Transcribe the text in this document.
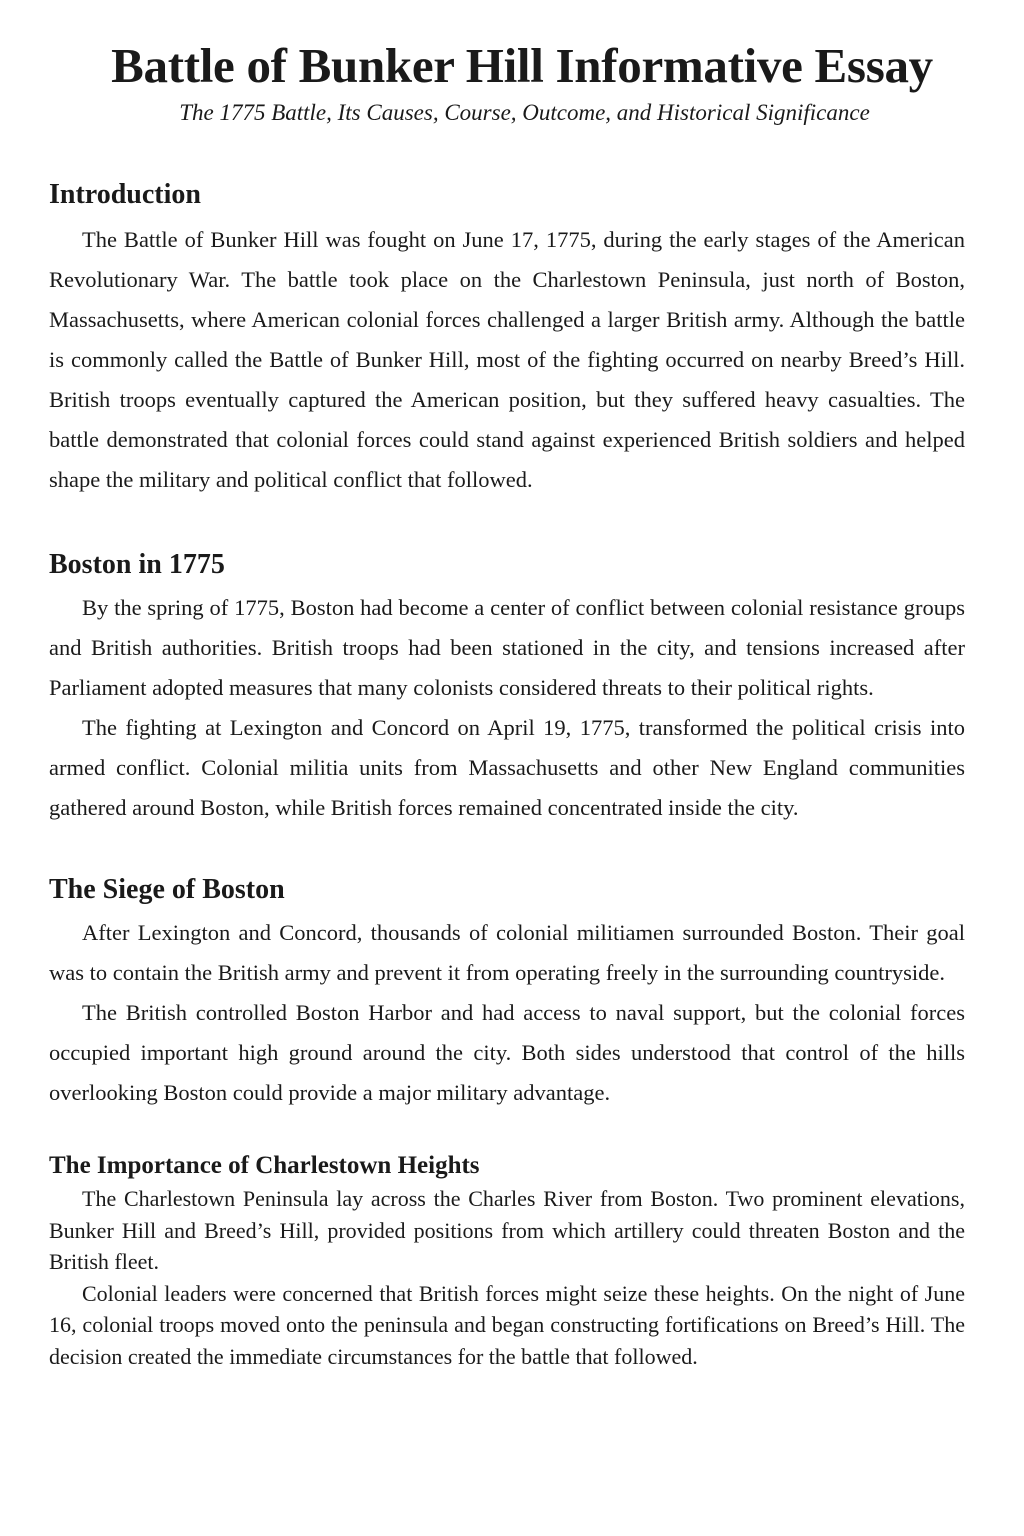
Battle of Bunker Hill Informative Essay
The 1775 Battle, Its Causes, Course, Outcome, and Historical Significance
Introduction

The Battle of Bunker Hill was fought on June 17, 1775, during the early stages of the American Revolutionary War. The battle took place on the Charlestown Peninsula, just north of Boston, Massachusetts, where American colonial forces challenged a larger British army. Although the battle is commonly called the Battle of Bunker Hill, most of the fighting occurred on nearby Breed’s Hill. British troops eventually captured the American position, but they suffered heavy casualties. The battle demonstrated that colonial forces could stand against experienced British soldiers and helped shape the military and political conflict that followed.

Boston in 1775

By the spring of 1775, Boston had become a center of conflict between colonial resistance groups and British authorities. British troops had been stationed in the city, and tensions increased after Parliament adopted measures that many colonists considered threats to their political rights.

The fighting at Lexington and Concord on April 19, 1775, transformed the political crisis into armed conflict. Colonial militia units from Massachusetts and other New England communities gathered around Boston, while British forces remained concentrated inside the city.

The Siege of Boston

After Lexington and Concord, thousands of colonial militiamen surrounded Boston. Their goal was to contain the British army and prevent it from operating freely in the surrounding countryside.

The British controlled Boston Harbor and had access to naval support, but the colonial forces occupied important high ground around the city. Both sides understood that control of the hills overlooking Boston could provide a major military advantage.

The Importance of Charlestown Heights

The Charlestown Peninsula lay across the Charles River from Boston. Two prominent elevations, Bunker Hill and Breed’s Hill, provided positions from which artillery could threaten Boston and the British fleet.

Colonial leaders were concerned that British forces might seize these heights. On the night of June 16, colonial troops moved onto the peninsula and began constructing fortifications on Breed’s Hill. The decision created the immediate circumstances for the battle that followed.
